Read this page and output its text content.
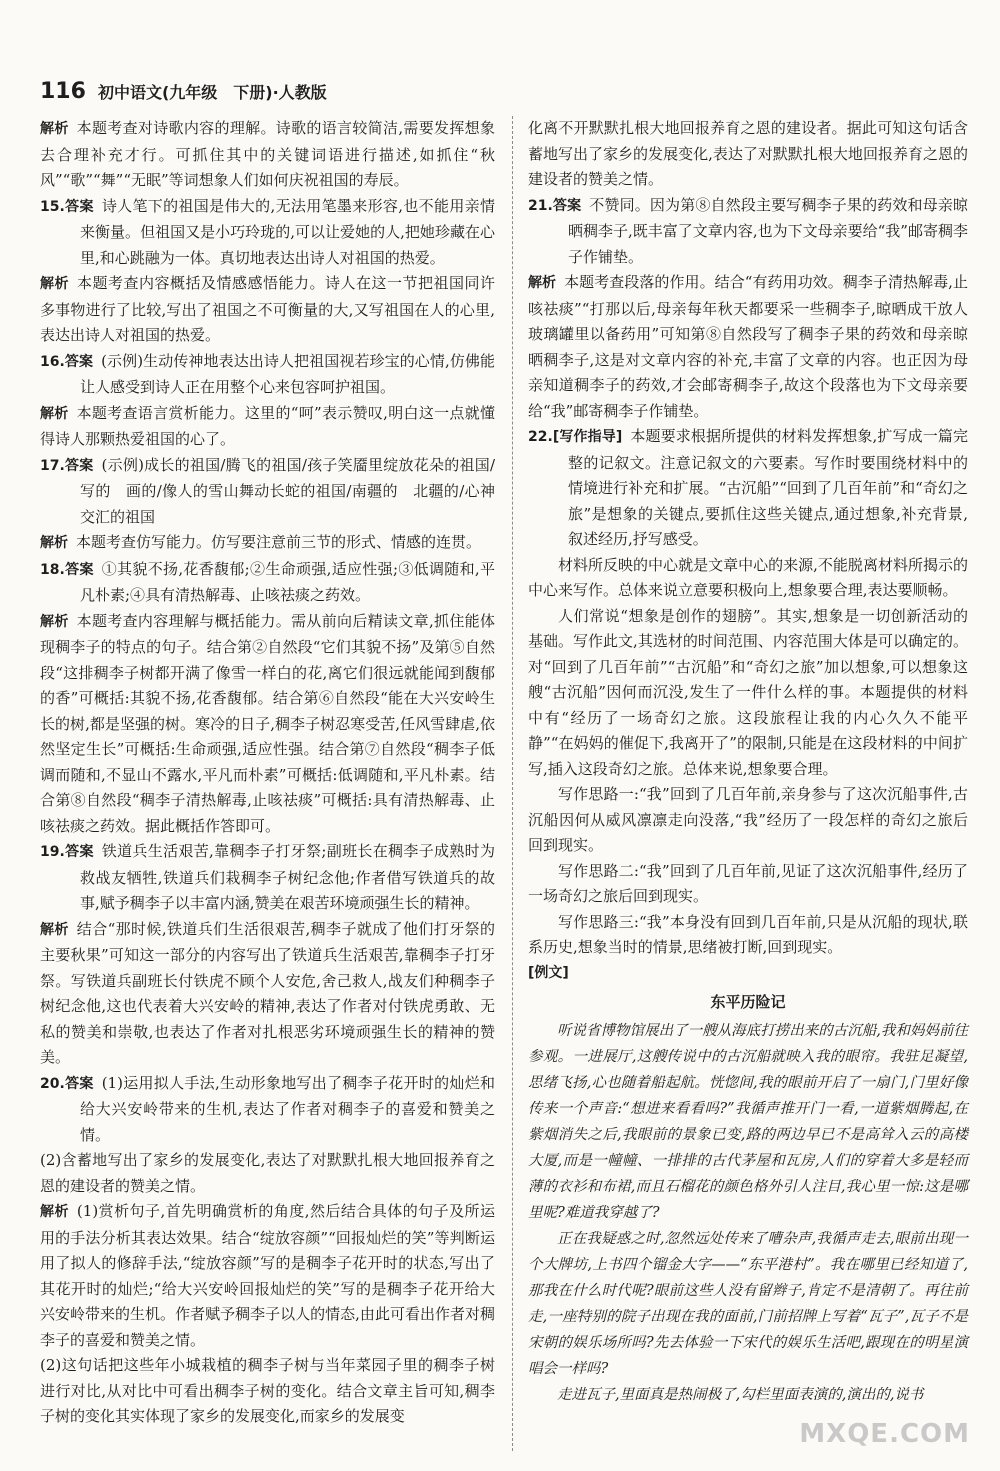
116 初中语文(九年级　下册)·人教版

解析 本题考查对诗歌内容的理解。诗歌的语言较简洁,需要发挥想象去合理补充才行。可抓住其中的关键词语进行描述,如抓住“秋风”“歌”“舞”“无眠”等词想象人们如何庆祝祖国的寿辰。

15.答案 诗人笔下的祖国是伟大的,无法用笔墨来形容,也不能用亲情来衡量。但祖国又是小巧玲珑的,可以让爱她的人,把她珍藏在心里,和心跳融为一体。真切地表达出诗人对祖国的热爱。

解析 本题考查内容概括及情感感悟能力。诗人在这一节把祖国同许多事物进行了比较,写出了祖国之不可衡量的大,又写祖国在人的心里,表达出诗人对祖国的热爱。

16.答案 (示例)生动传神地表达出诗人把祖国视若珍宝的心情,仿佛能让人感受到诗人正在用整个心来包容呵护祖国。

解析 本题考查语言赏析能力。这里的“呵”表示赞叹,明白这一点就懂得诗人那颗热爱祖国的心了。

17.答案 (示例)成长的祖国/腾飞的祖国/孩子笑靥里绽放花朵的祖国/写的　画的/像人的雪山舞动长蛇的祖国/南疆的　北疆的/心神交汇的祖国

解析 本题考查仿写能力。仿写要注意前三节的形式、情感的连贯。

18.答案 ①其貌不扬,花香馥郁;②生命顽强,适应性强;③低调随和,平凡朴素;④具有清热解毒、止咳祛痰之药效。

解析 本题考查内容理解与概括能力。需从前向后精读文章,抓住能体现稠李子的特点的句子。结合第②自然段“它们其貌不扬”及第⑤自然段“这排稠李子树都开满了像雪一样白的花,离它们很远就能闻到馥郁的香”可概括:其貌不扬,花香馥郁。结合第⑥自然段“能在大兴安岭生长的树,都是坚强的树。寒冷的日子,稠李子树忍寒受苦,任风雪肆虐,依然坚定生长”可概括:生命顽强,适应性强。结合第⑦自然段“稠李子低调而随和,不显山不露水,平凡而朴素”可概括:低调随和,平凡朴素。结合第⑧自然段“稠李子清热解毒,止咳祛痰”可概括:具有清热解毒、止咳祛痰之药效。据此概括作答即可。

19.答案 铁道兵生活艰苦,靠稠李子打牙祭;副班长在稠李子成熟时为救战友牺牲,铁道兵们栽稠李子树纪念他;作者借写铁道兵的故事,赋予稠李子以丰富内涵,赞美在艰苦环境顽强生长的精神。

解析 结合“那时候,铁道兵们生活很艰苦,稠李子就成了他们打牙祭的主要秋果”可知这一部分的内容写出了铁道兵生活艰苦,靠稠李子打牙祭。写铁道兵副班长付铁虎不顾个人安危,舍己救人,战友们种稠李子树纪念他,这也代表着大兴安岭的精神,表达了作者对付铁虎勇敢、无私的赞美和崇敬,也表达了作者对扎根恶劣环境顽强生长的精神的赞美。

20.答案 (1)运用拟人手法,生动形象地写出了稠李子花开时的灿烂和给大兴安岭带来的生机,表达了作者对稠李子的喜爱和赞美之情。

(2)含蓄地写出了家乡的发展变化,表达了对默默扎根大地回报养育之恩的建设者的赞美之情。

解析 (1)赏析句子,首先明确赏析的角度,然后结合具体的句子及所运用的手法分析其表达效果。结合“绽放容颜”“回报灿烂的笑”等判断运用了拟人的修辞手法,“绽放容颜”写的是稠李子花开时的状态,写出了其花开时的灿烂;“给大兴安岭回报灿烂的笑”写的是稠李子花开给大兴安岭带来的生机。作者赋予稠李子以人的情态,由此可看出作者对稠李子的喜爱和赞美之情。

(2)这句话把这些年小城栽植的稠李子树与当年菜园子里的稠李子树进行对比,从对比中可看出稠李子树的变化。结合文章主旨可知,稠李子树的变化其实体现了家乡的发展变化,而家乡的发展变

化离不开默默扎根大地回报养育之恩的建设者。据此可知这句话含蓄地写出了家乡的发展变化,表达了对默默扎根大地回报养育之恩的建设者的赞美之情。

21.答案 不赞同。因为第⑧自然段主要写稠李子果的药效和母亲晾晒稠李子,既丰富了文章内容,也为下文母亲要给“我”邮寄稠李子作铺垫。

解析 本题考查段落的作用。结合“有药用功效。稠李子清热解毒,止咳祛痰”“打那以后,母亲每年秋天都要采一些稠李子,晾晒成干放人玻璃罐里以备药用”可知第⑧自然段写了稠李子果的药效和母亲晾晒稠李子,这是对文章内容的补充,丰富了文章的内容。也正因为母亲知道稠李子的药效,才会邮寄稠李子,故这个段落也为下文母亲要给“我”邮寄稠李子作铺垫。

22.[写作指导] 本题要求根据所提供的材料发挥想象,扩写成一篇完整的记叙文。注意记叙文的六要素。写作时要围绕材料中的情境进行补充和扩展。“古沉船”“回到了几百年前”和“奇幻之旅”是想象的关键点,要抓住这些关键点,通过想象,补充背景,叙述经历,抒写感受。

材料所反映的中心就是文章中心的来源,不能脱离材料所揭示的中心来写作。总体来说立意要积极向上,想象要合理,表达要顺畅。

人们常说“想象是创作的翅膀”。其实,想象是一切创新活动的基础。写作此文,其选材的时间范围、内容范围大体是可以确定的。对“回到了几百年前”“古沉船”和“奇幻之旅”加以想象,可以想象这艘“古沉船”因何而沉没,发生了一件什么样的事。本题提供的材料中有“经历了一场奇幻之旅。这段旅程让我的内心久久不能平静”“在妈妈的催促下,我离开了”的限制,只能是在这段材料的中间扩写,插入这段奇幻之旅。总体来说,想象要合理。

写作思路一:“我”回到了几百年前,亲身参与了这次沉船事件,古沉船因何从威风凛凛走向没落,“我”经历了一段怎样的奇幻之旅后回到现实。

写作思路二:“我”回到了几百年前,见证了这次沉船事件,经历了一场奇幻之旅后回到现实。

写作思路三:“我”本身没有回到几百年前,只是从沉船的现状,联系历史,想象当时的情景,思绪被打断,回到现实。

[例文]

东平历险记

听说省博物馆展出了一艘从海底打捞出来的古沉船,我和妈妈前往参观。一进展厅,这艘传说中的古沉船就映入我的眼帘。我驻足凝望,思绪飞扬,心也随着船起航。恍惚间,我的眼前开启了一扇门,门里好像传来一个声音:“想进来看看吗?”我循声推开门一看,一道紫烟腾起,在紫烟消失之后,我眼前的景象已变,路的两边早已不是高耸入云的高楼大厦,而是一幢幢、一排排的古代茅屋和瓦房,人们的穿着大多是轻而薄的衣衫和布裙,而且石榴花的颜色格外引人注目,我心里一惊:这是哪里呢?难道我穿越了?

正在我疑惑之时,忽然远处传来了嘈杂声,我循声走去,眼前出现一个大牌坊,上书四个镏金大字——“东平港村”。我在哪里已经知道了,那我在什么时代呢?眼前这些人没有留辫子,肯定不是清朝了。再往前走,一座特别的院子出现在我的面前,门前招牌上写着“瓦子”,瓦子不是宋朝的娱乐场所吗?先去体验一下宋代的娱乐生活吧,跟现在的明星演唱会一样吗?

走进瓦子,里面真是热闹极了,勾栏里面表演的,演出的,说书

MXQE.COM
